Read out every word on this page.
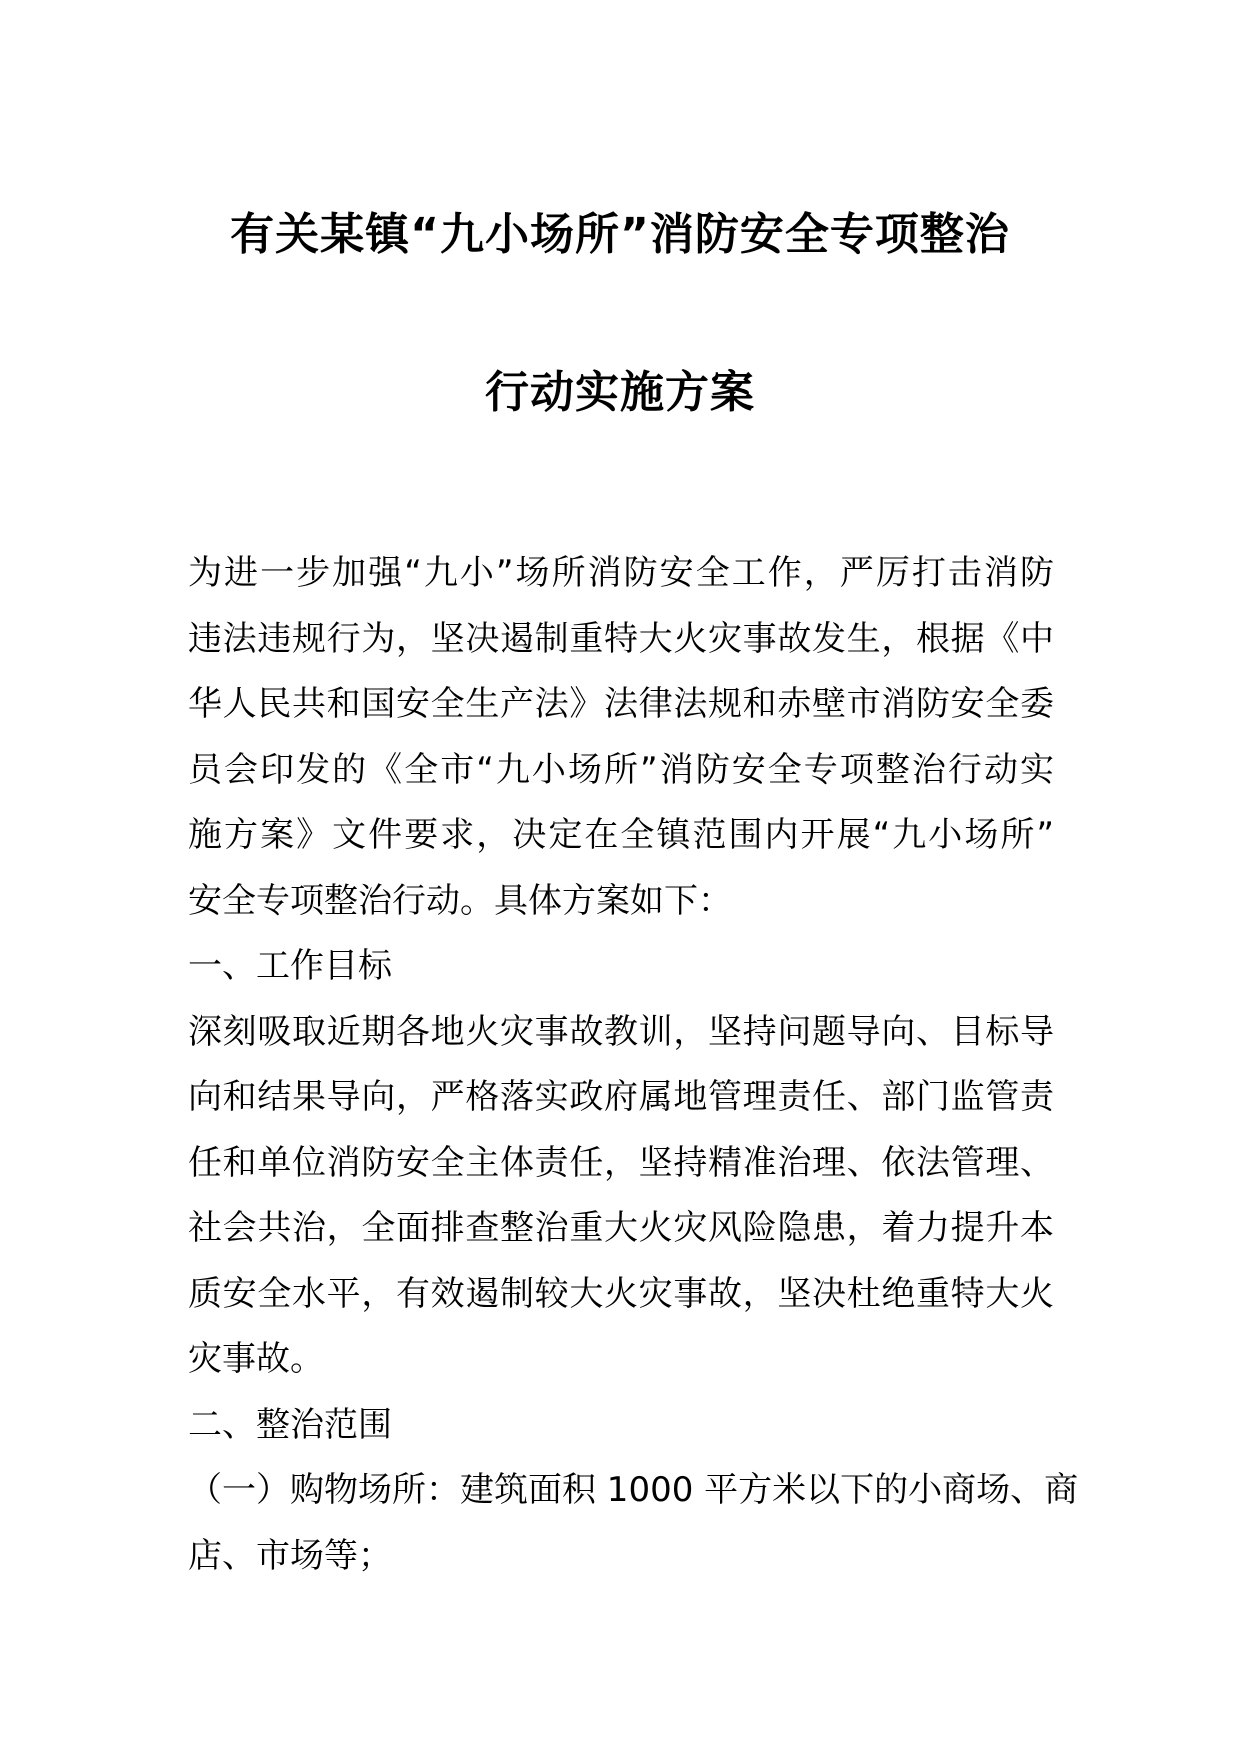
有关某镇“九小场所”消防安全专项整治
行动实施方案
为进一步加强“九小”场所消防安全工作，严厉打击消防
违法违规行为，坚决遏制重特大火灾事故发生，根据《中
华人民共和国安全生产法》法律法规和赤壁市消防安全委
员会印发的《全市“九小场所”消防安全专项整治行动实
施方案》文件要求，决定在全镇范围内开展“九小场所”
安全专项整治行动。具体方案如下：
一、工作目标
深刻吸取近期各地火灾事故教训，坚持问题导向、目标导
向和结果导向，严格落实政府属地管理责任、部门监管责
任和单位消防安全主体责任，坚持精准治理、依法管理、
社会共治，全面排查整治重大火灾风险隐患，着力提升本
质安全水平，有效遏制较大火灾事故，坚决杜绝重特大火
灾事故。
二、整治范围
（一）购物场所：建筑面积 1000 平方米以下的小商场、商
店、市场等；
